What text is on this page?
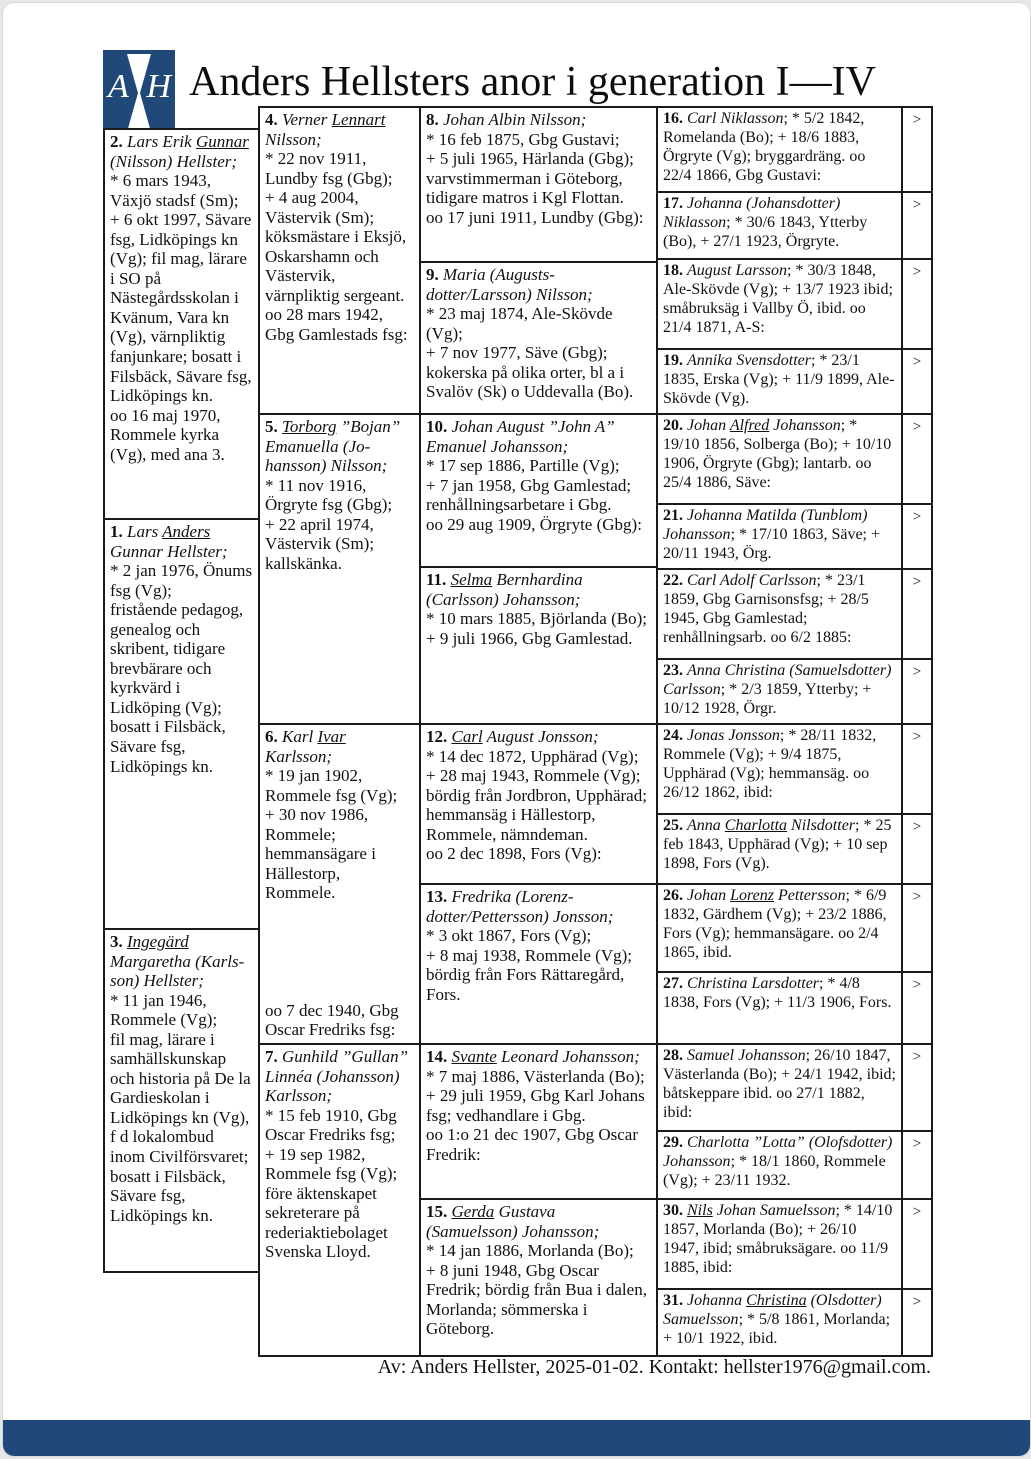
A H Anders Hellsters anor i generation I—IV
2. Lars Erik Gunnar (Nilsson) Hellster;
* 6 mars 1943, Växjö stadsf (Sm);
+ 6 okt 1997, Sävare fsg, Lidköpings kn (Vg); fil mag, lärare i SO på Nästegårdsskolan i Kvänum, Vara kn (Vg), värnpliktig fanjunkare; bosatt i Filsbäck, Sävare fsg, Lidköpings kn.
oo 16 maj 1970, Rommele kyrka (Vg), med ana 3.
1. Lars Anders Gunnar Hellster;
* 2 jan 1976, Önums fsg (Vg);
fristående pedagog, genealog och skribent, tidigare brevbärare och kyrkvärd i Lidköping (Vg); bosatt i Filsbäck, Sävare fsg, Lidköpings kn.
3. Ingegärd Margaretha (Karlsson) Hellster;
* 11 jan 1946, Rommele (Vg);
fil mag, lärare i samhällskunskap och historia på De la Gardieskolan i Lidköpings kn (Vg), f d lokalombud inom Civilförsvaret; bosatt i Filsbäck, Sävare fsg, Lidköpings kn.
4. Verner Lennart Nilsson;
* 22 nov 1911, Lundby fsg (Gbg);
+ 4 aug 2004, Västervik (Sm);
köksmästare i Eksjö, Oskarshamn och Västervik, värnpliktig sergeant.
oo 28 mars 1942, Gbg Gamlestads fsg:
5. Torborg ”Bojan” Emanuella (Johansson) Nilsson;
* 11 nov 1916, Örgryte fsg (Gbg);
+ 22 april 1974, Västervik (Sm);
kallskänka.
6. Karl Ivar Karlsson;
* 19 jan 1902, Rommele fsg (Vg);
+ 30 nov 1986, Rommele;
hemmansägare i Hällestorp, Rommele.
oo 7 dec 1940, Gbg Oscar Fredriks fsg:
7. Gunhild ”Gullan” Linnéa (Johansson) Karlsson;
* 15 feb 1910, Gbg Oscar Fredriks fsg;
+ 19 sep 1982, Rommele fsg (Vg);
före äktenskapet sekreterare på rederiaktiebolaget Svenska Lloyd.
8. Johan Albin Nilsson;
* 16 feb 1875, Gbg Gustavi;
+ 5 juli 1965, Härlanda (Gbg);
varvstimmerman i Göteborg, tidigare matros i Kgl Flottan.
oo 17 juni 1911, Lundby (Gbg):
9. Maria (Augustsdotter/Larsson) Nilsson;
* 23 maj 1874, Ale-Skövde (Vg);
+ 7 nov 1977, Säve (Gbg);
kokerska på olika orter, bl a i Svalöv (Sk) o Uddevalla (Bo).
10. Johan August ”John A” Emanuel Johansson;
* 17 sep 1886, Partille (Vg);
+ 7 jan 1958, Gbg Gamlestad;
renhållningsarbetare i Gbg.
oo 29 aug 1909, Örgryte (Gbg):
11. Selma Bernhardina (Carlsson) Johansson;
* 10 mars 1885, Björlanda (Bo);
+ 9 juli 1966, Gbg Gamlestad.
12. Carl August Jonsson;
* 14 dec 1872, Upphärad (Vg);
+ 28 maj 1943, Rommele (Vg);
bördig från Jordbron, Upphärad; hemmansäg i Hällestorp, Rommele, nämndeman.
oo 2 dec 1898, Fors (Vg):
13. Fredrika (Lorenzdotter/Pettersson) Jonsson;
* 3 okt 1867, Fors (Vg);
+ 8 maj 1938, Rommele (Vg);
bördig från Fors Rättaregård, Fors.
14. Svante Leonard Johansson;
* 7 maj 1886, Västerlanda (Bo);
+ 29 juli 1959, Gbg Karl Johans fsg; vedhandlare i Gbg.
oo 1:o 21 dec 1907, Gbg Oscar Fredrik:
15. Gerda Gustava (Samuelsson) Johansson;
* 14 jan 1886, Morlanda (Bo);
+ 8 juni 1948, Gbg Oscar Fredrik; bördig från Bua i dalen, Morlanda; sömmerska i Göteborg.
16. Carl Niklasson; * 5/2 1842, Romelanda (Bo); + 18/6 1883, Örgryte (Vg); bryggardräng. oo 22/4 1866, Gbg Gustavi:
17. Johanna (Johansdotter) Niklasson; * 30/6 1843, Ytterby (Bo), + 27/1 1923, Örgryte.
18. August Larsson; * 30/3 1848, Ale-Skövde (Vg); + 13/7 1923 ibid; småbruksäg i Vallby Ö, ibid. oo 21/4 1871, A-S:
19. Annika Svensdotter; * 23/1 1835, Erska (Vg); + 11/9 1899, Ale-Skövde (Vg).
20. Johan Alfred Johansson; * 19/10 1856, Solberga (Bo); + 10/10 1906, Örgryte (Gbg); lantarb. oo 25/4 1886, Säve:
21. Johanna Matilda (Tunblom) Johansson; * 17/10 1863, Säve; + 20/11 1943, Örg.
22. Carl Adolf Carlsson; * 23/1 1859, Gbg Garnisonsfsg; + 28/5 1945, Gbg Gamlestad; renhållningsarb. oo 6/2 1885:
23. Anna Christina (Samuelsdotter) Carlsson; * 2/3 1859, Ytterby; + 10/12 1928, Örgr.
24. Jonas Jonsson; * 28/11 1832, Rommele (Vg); + 9/4 1875, Upphärad (Vg); hemmansäg. oo 26/12 1862, ibid:
25. Anna Charlotta Nilsdotter; * 25 feb 1843, Upphärad (Vg); + 10 sep 1898, Fors (Vg).
26. Johan Lorenz Pettersson; * 6/9 1832, Gärdhem (Vg); + 23/2 1886, Fors (Vg); hemmansägare. oo 2/4 1865, ibid.
27. Christina Larsdotter; * 4/8 1838, Fors (Vg); + 11/3 1906, Fors.
28. Samuel Johansson; 26/10 1847, Västerlanda (Bo); + 24/1 1942, ibid; båtskeppare ibid. oo 27/1 1882, ibid:
29. Charlotta ”Lotta” (Olofsdotter) Johansson; * 18/1 1860, Rommele (Vg); + 23/11 1932.
30. Nils Johan Samuelsson; * 14/10 1857, Morlanda (Bo); + 26/10 1947, ibid; småbruksägare. oo 11/9 1885, ibid:
31. Johanna Christina (Olsdotter) Samuelsson; * 5/8 1861, Morlanda; + 10/1 1922, ibid.
>
>
>
>
>
>
>
>
>
>
>
>
>
>
>
>
Av: Anders Hellster, 2025-01-02. Kontakt: hellster1976@gmail.com.
